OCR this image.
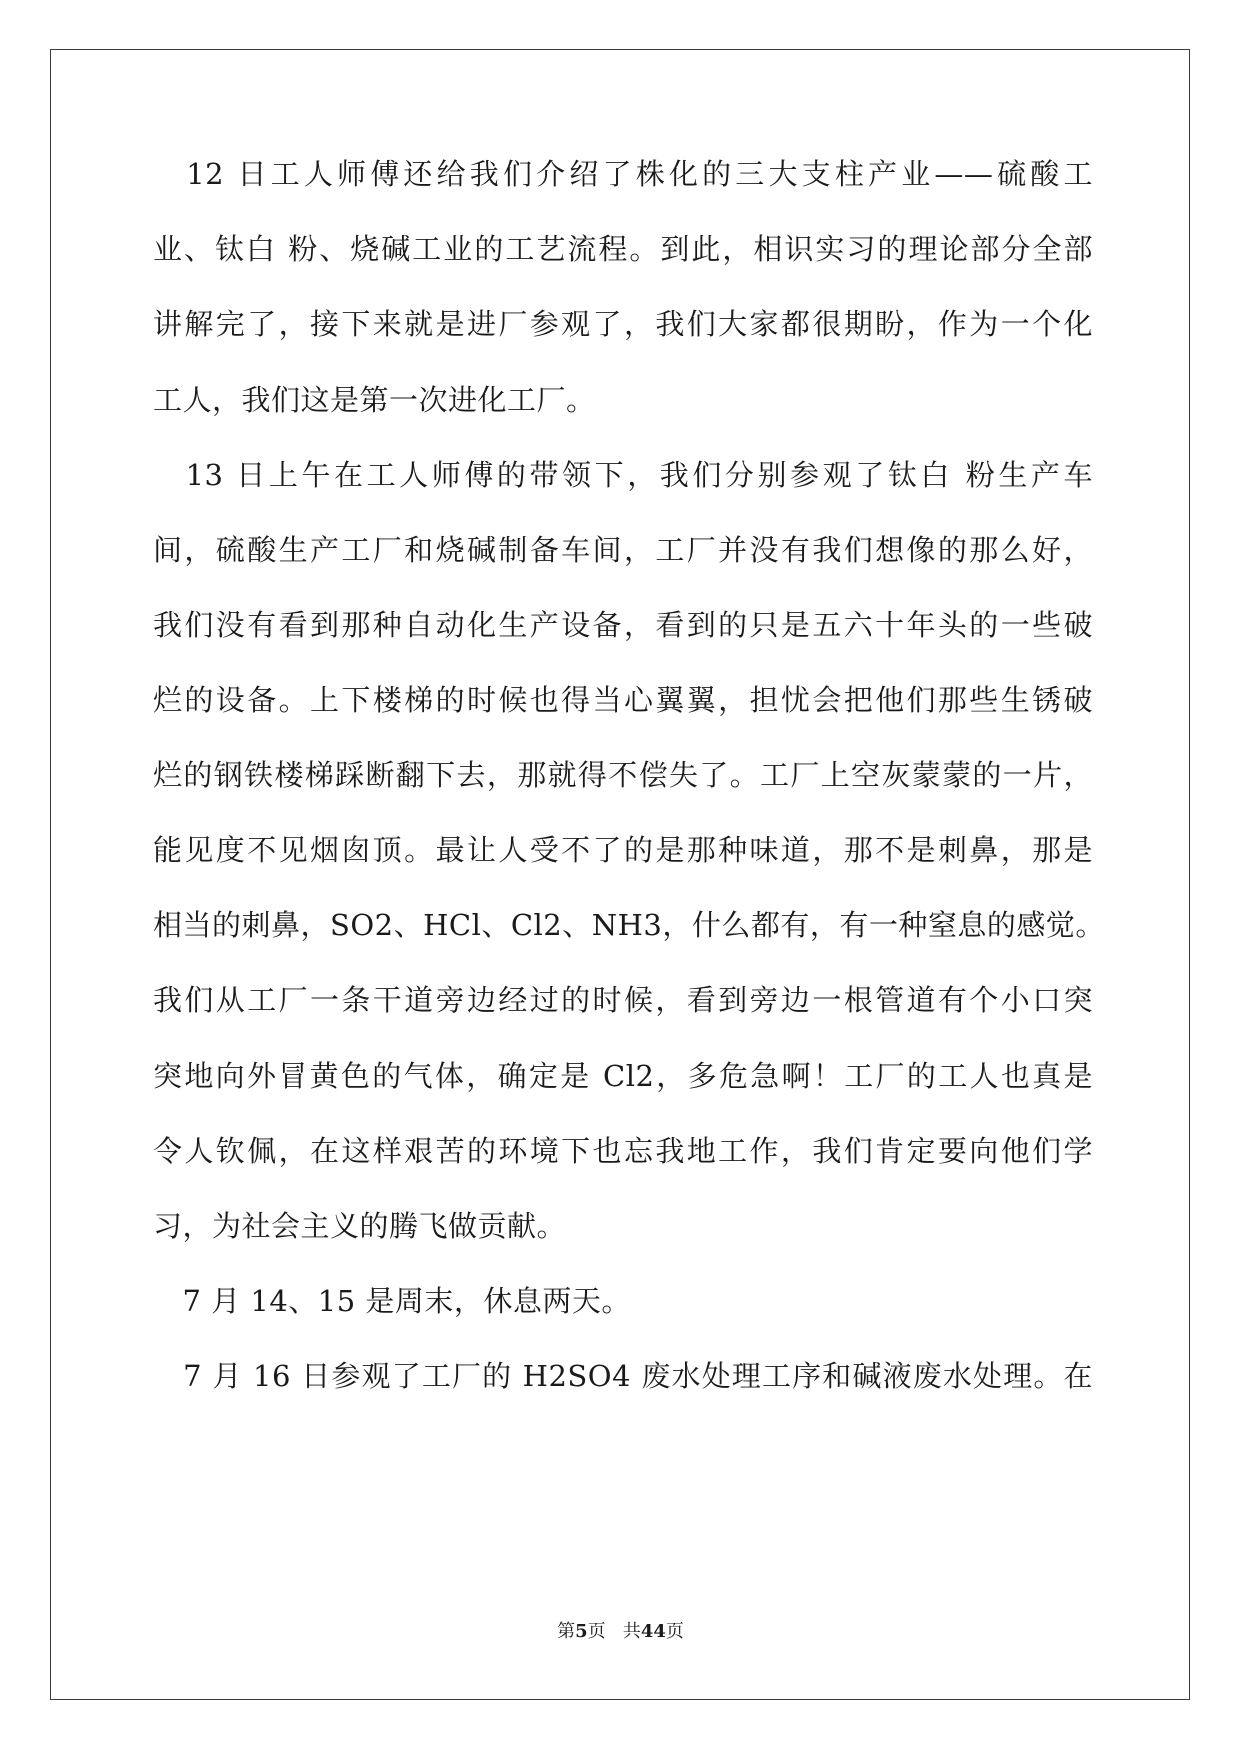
　12 日工人师傅还给我们介绍了株化的三大支柱产业——硫酸工
业、钛白 粉、烧碱工业的工艺流程。到此，相识实习的理论部分全部
讲解完了，接下来就是进厂参观了，我们大家都很期盼，作为一个化
工人，我们这是第一次进化工厂。
　13 日上午在工人师傅的带领下，我们分别参观了钛白 粉生产车
间，硫酸生产工厂和烧碱制备车间，工厂并没有我们想像的那么好，
我们没有看到那种自动化生产设备，看到的只是五六十年头的一些破
烂的设备。上下楼梯的时候也得当心翼翼，担忧会把他们那些生锈破
烂的钢铁楼梯踩断翻下去，那就得不偿失了。工厂上空灰蒙蒙的一片，
能见度不见烟囱顶。最让人受不了的是那种味道，那不是刺鼻，那是
相当的刺鼻，SO2、HCl、Cl2、NH3，什么都有，有一种窒息的感觉。
我们从工厂一条干道旁边经过的时候，看到旁边一根管道有个小口突
突地向外冒黄色的气体，确定是 Cl2，多危急啊！工厂的工人也真是
令人钦佩，在这样艰苦的环境下也忘我地工作，我们肯定要向他们学
习，为社会主义的腾飞做贡献。
　7 月 14、15 是周末，休息两天。
　7 月 16 日参观了工厂的 H2SO4 废水处理工序和碱液废水处理。在
第5页 共44页
